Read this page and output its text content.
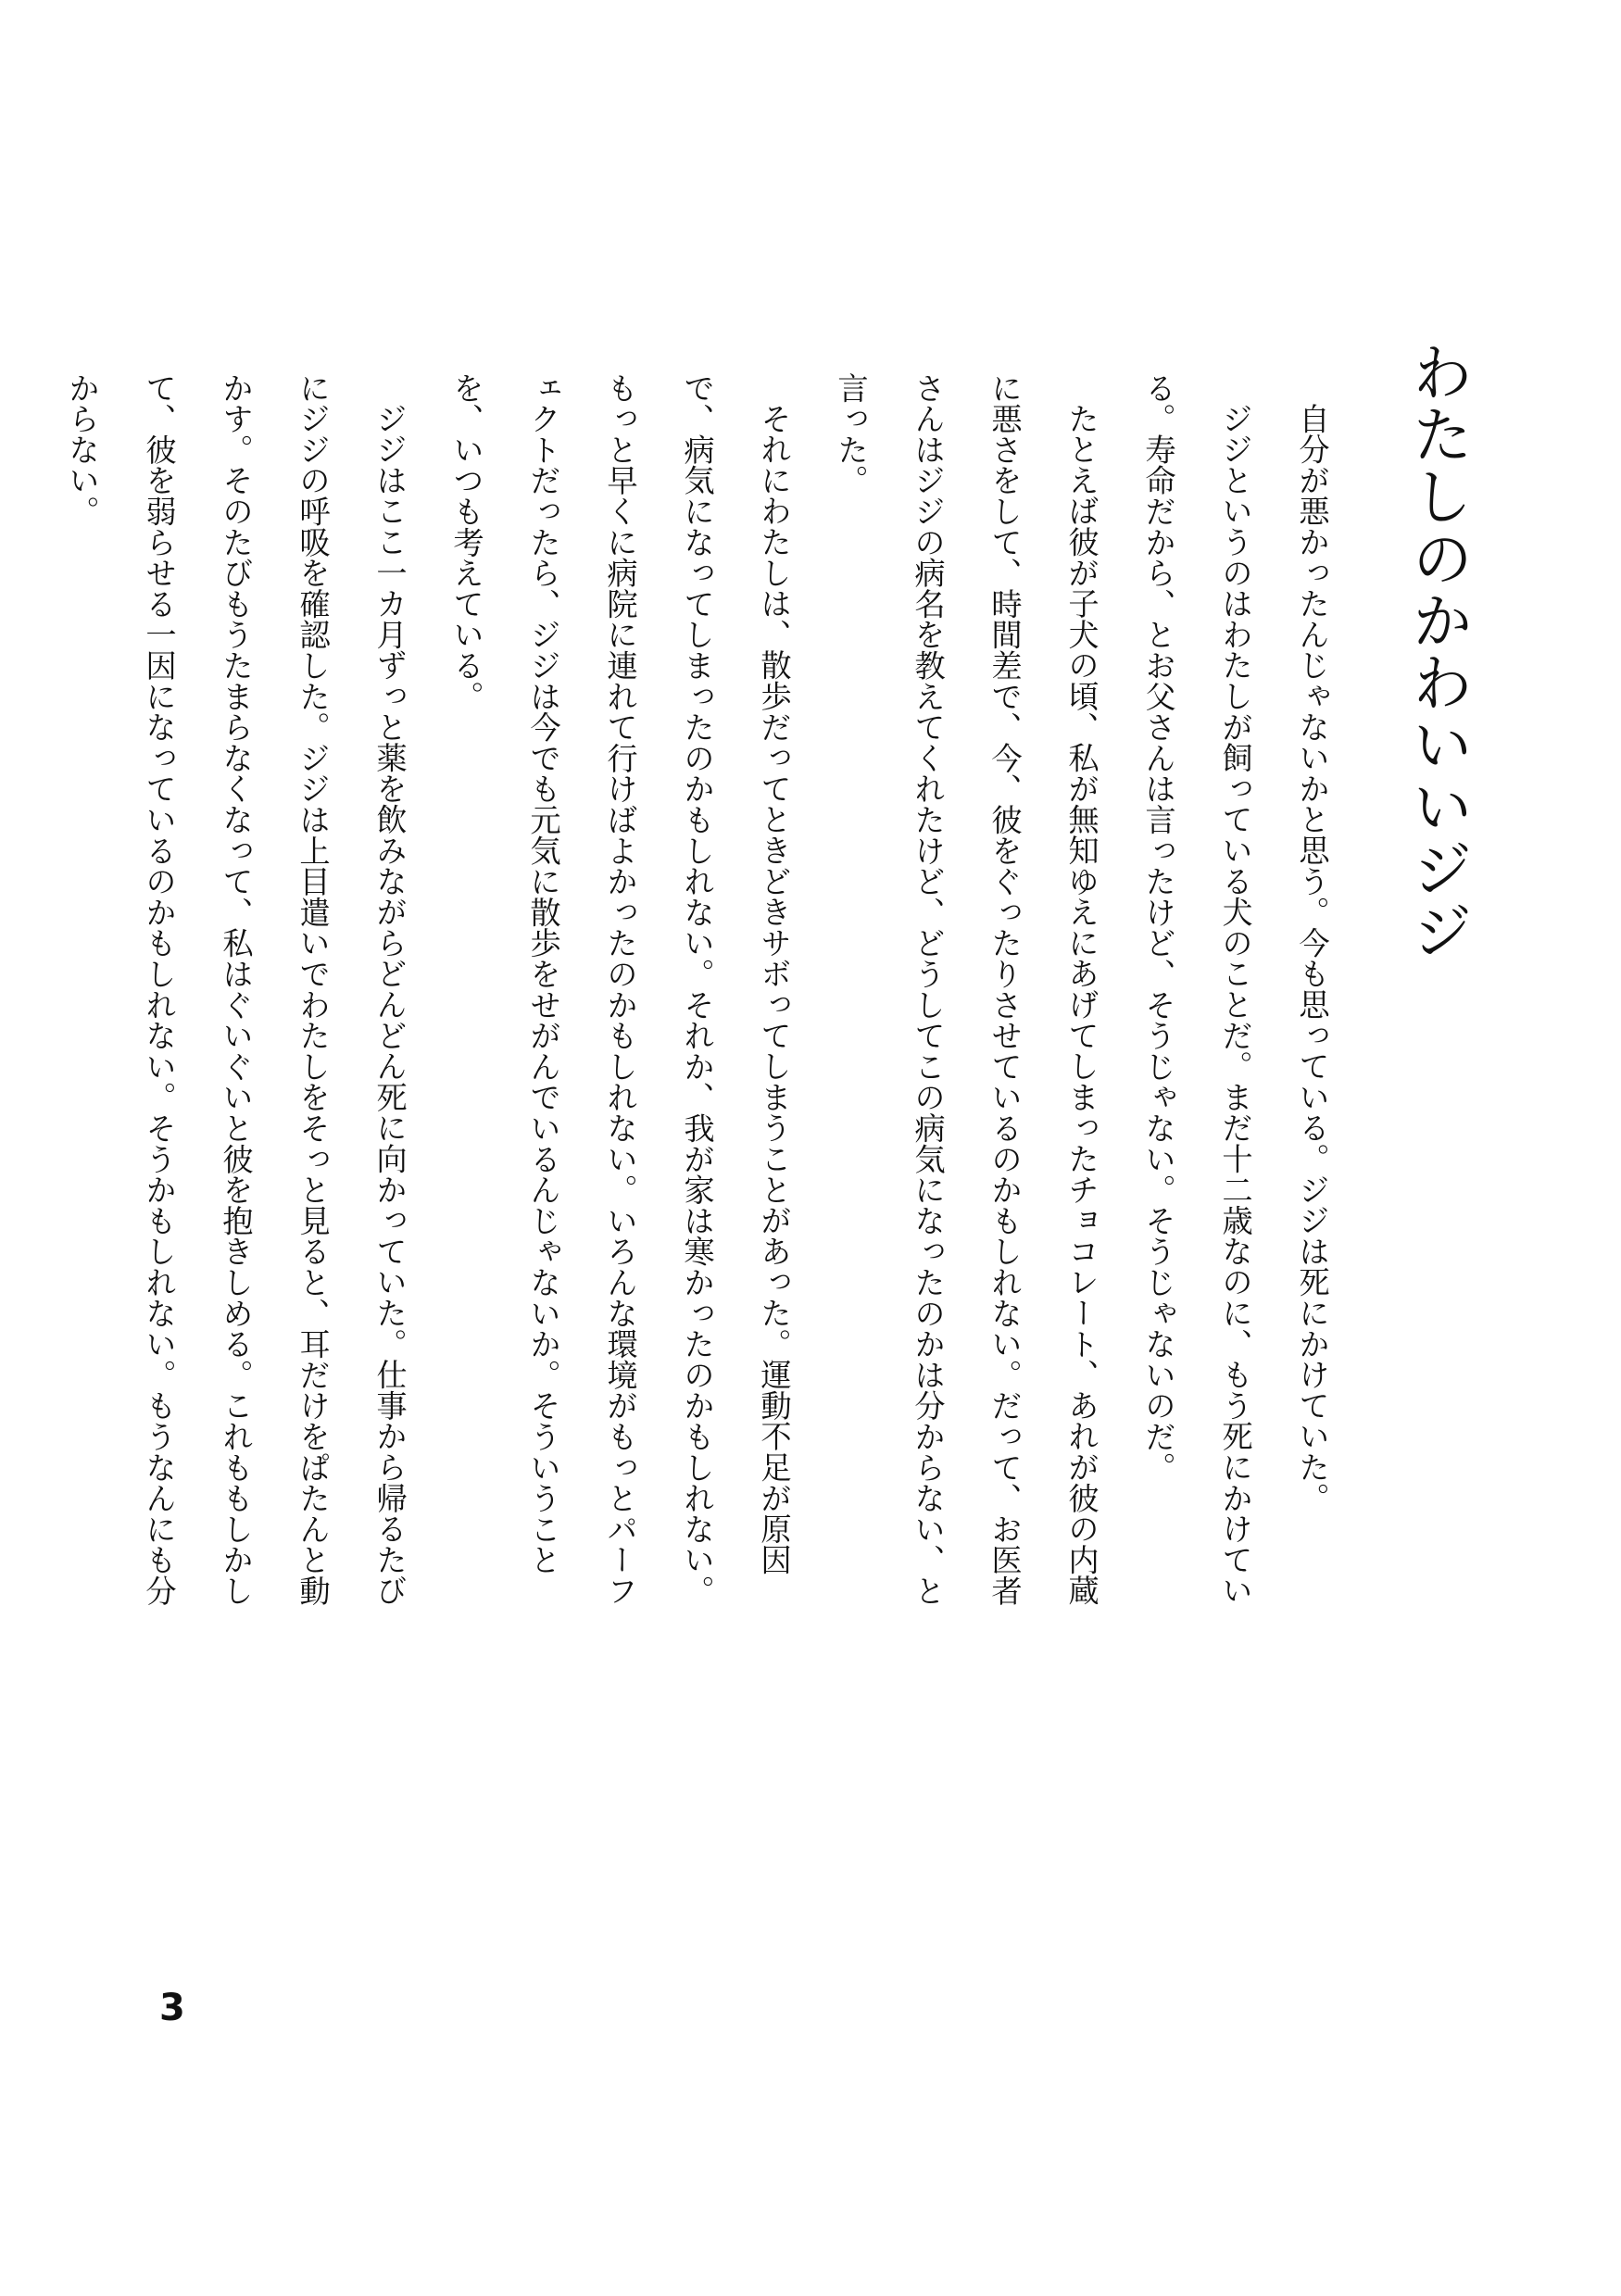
わたしのかわいいジジ

自分が悪かったんじゃないかと思う。今も思っている。ジジは死にかけていた。

ジジというのはわたしが飼っている犬のことだ。まだ十二歳なのに、もう死にかけている。寿命だから、とお父さんは言ったけど、そうじゃない。そうじゃないのだ。

たとえば彼が子犬の頃、私が無知ゆえにあげてしまったチョコレート、あれが彼の内蔵に悪さをして、時間差で、今、彼をぐったりさせているのかもしれない。だって、お医者さんはジジの病名を教えてくれたけど、どうしてこの病気になったのかは分からない、と言った。

それにわたしは、散歩だってときどきサボってしまうことがあった。運動不足が原因で、病気になってしまったのかもしれない。それか、我が家は寒かったのかもしれない。もっと早くに病院に連れて行けばよかったのかもしれない。いろんな環境がもっとパーフェクトだったら、ジジは今でも元気に散歩をせがんでいるんじゃないか。そういうことを、いつも考えている。

ジジはここ一カ月ずっと薬を飲みながらどんどん死に向かっていた。仕事から帰るたびにジジの呼吸を確認した。ジジは上目遣いでわたしをそっと見ると、耳だけをぱたんと動かす。そのたびもうたまらなくなって、私はぐいぐいと彼を抱きしめる。これももしかして、彼を弱らせる一因になっているのかもしれない。そうかもしれない。もうなんにも分からない。

3
